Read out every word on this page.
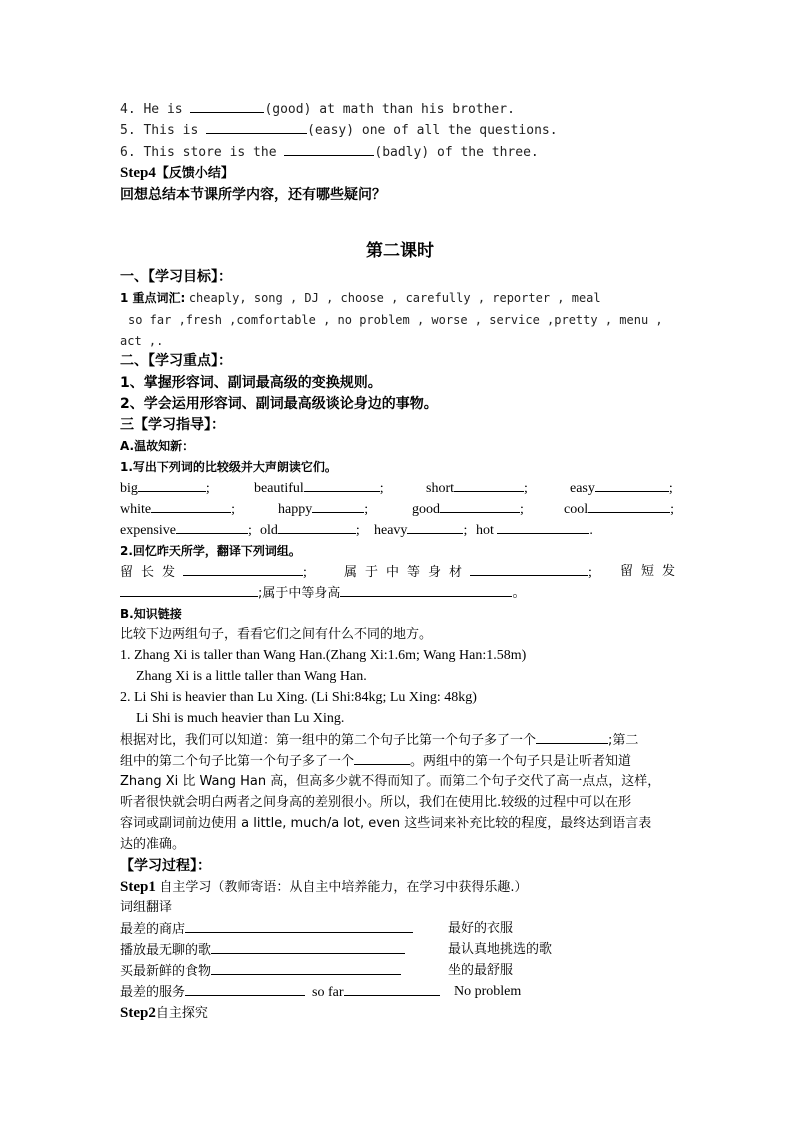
4. He is	(good) at math than his brother.
5. This is	(easy) one of all the questions.
6. This store is the	(badly) of the three.
Step4【反馈小结】
回想总结本节课所学内容，还有哪些疑问？
第二课时
一、【学习目标】：
1 重点词汇: cheaply, song , DJ , choose , carefully , reporter , meal
so far ,fresh ,comfortable , no problem , worse , service ,pretty , menu ,
act ,.
二、【学习重点】：
1、掌握形容词、副词最高级的变换规则。
2、学会运用形容词、副词最高级谈论身边的事物。
三【学习指导】：
A.温故知新：
1.写出下列词的比较级并大声朗读它们。
big	;	beautiful	;	short	;	easy	;
white	;	happy	;	good	;	cool	;
expensive	; old	; heavy	; hot	.
2.回忆昨天所学，翻译下列词组。
留长发	;	属于中等身材	; 留短发
;属于中等身高	。
B.知识链接
比较下边两组句子，看看它们之间有什么不同的地方。
1. Zhang Xi is taller than Wang Han.(Zhang Xi:1.6m; Wang Han:1.58m)
Zhang Xi is a little taller than Wang Han.
2. Li Shi is heavier than Lu Xing. (Li Shi:84kg; Lu Xing: 48kg)
Li Shi is much heavier than Lu Xing.
根据对比，我们可以知道：第一组中的第二个句子比第一个句子多了一个	;第二
组中的第二个句子比第一个句子多了一个	。两组中的第一个句子只是让听者知道
Zhang Xi 比 Wang Han 高，但高多少就不得而知了。而第二个句子交代了高一点点，这样，
听者很快就会明白两者之间身高的差别很小。所以，我们在使用比.较级的过程中可以在形
容词或副词前边使用 a little, much/a lot, even 这些词来补充比较的程度，最终达到语言表
达的准确。
【学习过程】：
Step1 自主学习（教师寄语：从自主中培养能力，在学习中获得乐趣.）
词组翻译
最差的商店	最好的衣服
播放最无聊的歌	最认真地挑选的歌
买最新鲜的食物	坐的最舒服
最差的服务	so far	No problem
Step2自主探究
